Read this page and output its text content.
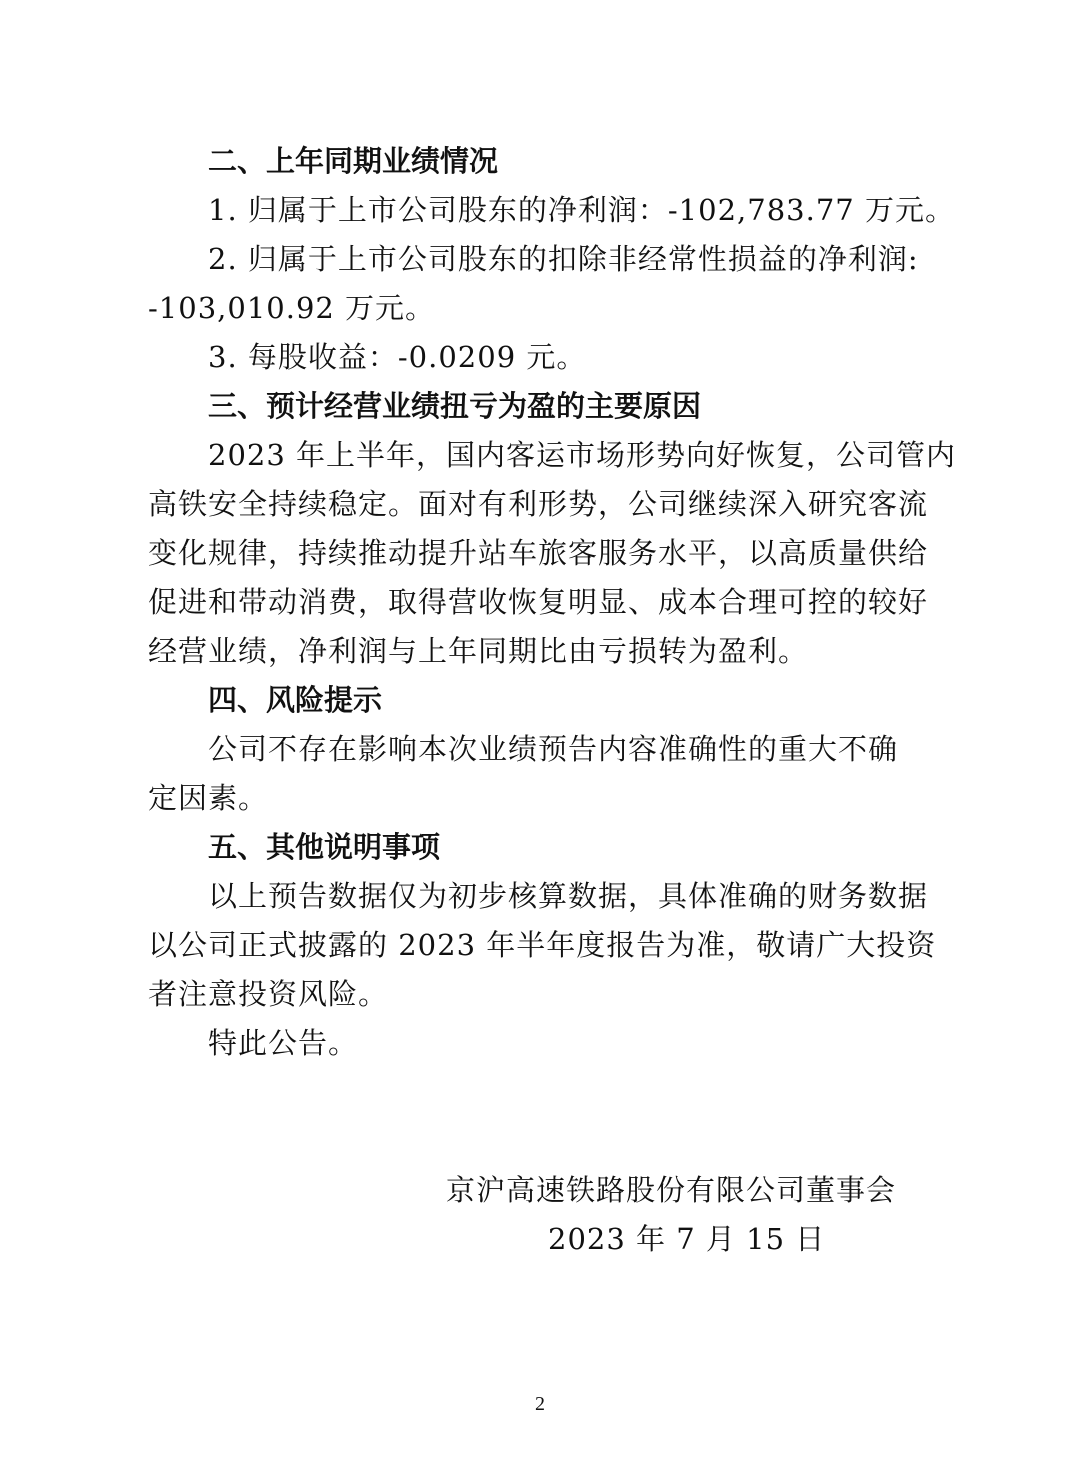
二、上年同期业绩情况
1. 归属于上市公司股东的净利润：-102,783.77 万元。
2. 归属于上市公司股东的扣除非经常性损益的净利润:
-103,010.92 万元。
3. 每股收益：-0.0209 元。
三、预计经营业绩扭亏为盈的主要原因
2023 年上半年，国内客运市场形势向好恢复，公司管内
高铁安全持续稳定。面对有利形势，公司继续深入研究客流
变化规律，持续推动提升站车旅客服务水平，以高质量供给
促进和带动消费，取得营收恢复明显、成本合理可控的较好
经营业绩，净利润与上年同期比由亏损转为盈利。
四、风险提示
公司不存在影响本次业绩预告内容准确性的重大不确
定因素。
五、其他说明事项
以上预告数据仅为初步核算数据，具体准确的财务数据
以公司正式披露的 2023 年半年度报告为准，敬请广大投资
者注意投资风险。
特此公告。
京沪高速铁路股份有限公司董事会
2023 年 7 月 15 日
2
